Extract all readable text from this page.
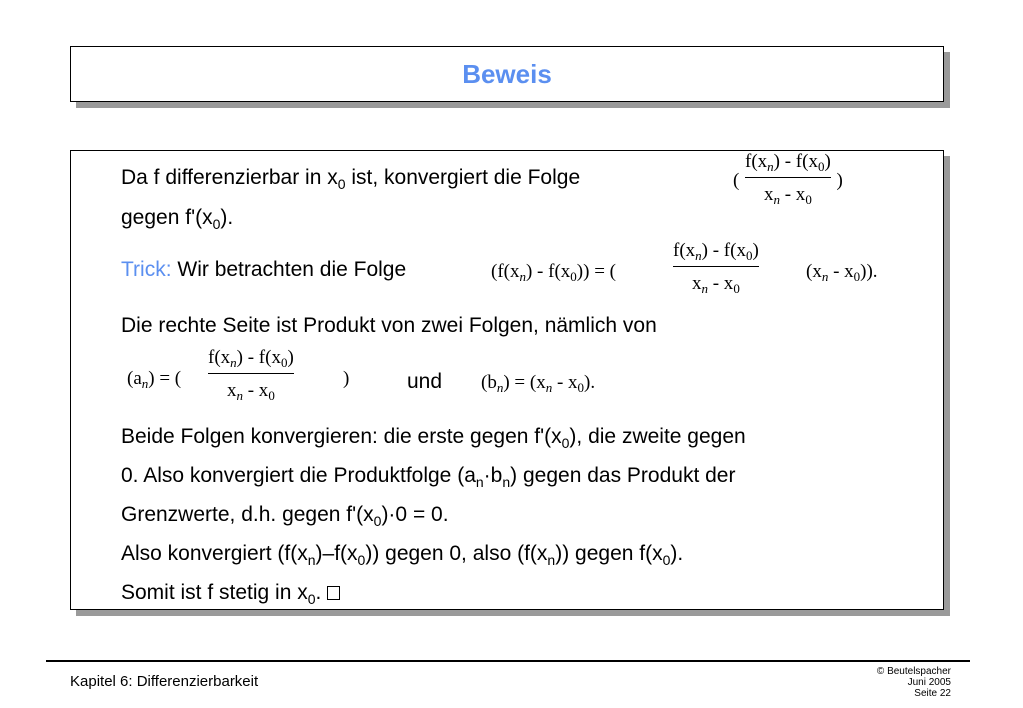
Beweis
Da f differenzierbar in $x_0$ ist, konvergiert die Folge	(
$f(x_n) - f(x_0)$
$x_n - x_0$
)
gegen $f'(x_0)$.
Trick: Wir betrachten die Folge	$(f(x_n) - f(x_0))$ = (
$f(x_n) - f(x_0)$
$x_n - x_0$
$(x_n - x_0)$).
Die rechte Seite ist Produkt von zwei Folgen, nämlich von
$(a_n)$ = (
$f(x_n) - f(x_0)$
$x_n - x_0$
)	und $(b_n) = (x_n - x_0)$.
Beide Folgen konvergieren: die erste gegen $f'(x_0)$, die zweite gegen
0. Also konvergiert die Produktfolge $(a_n\cdot b_n)$ gegen das Produkt der
Grenzwerte, d.h. gegen $f'(x_0)\cdot 0 = 0$.
Also konvergiert $(f(x_n)-f(x_0))$ gegen 0, also $(f(x_n))$ gegen $f(x_0)$.
Somit ist f stetig in $x_0$.
Kapitel 6: Differenzierbarkeit
© Beutelspacher
Juni 2005
Seite 22
